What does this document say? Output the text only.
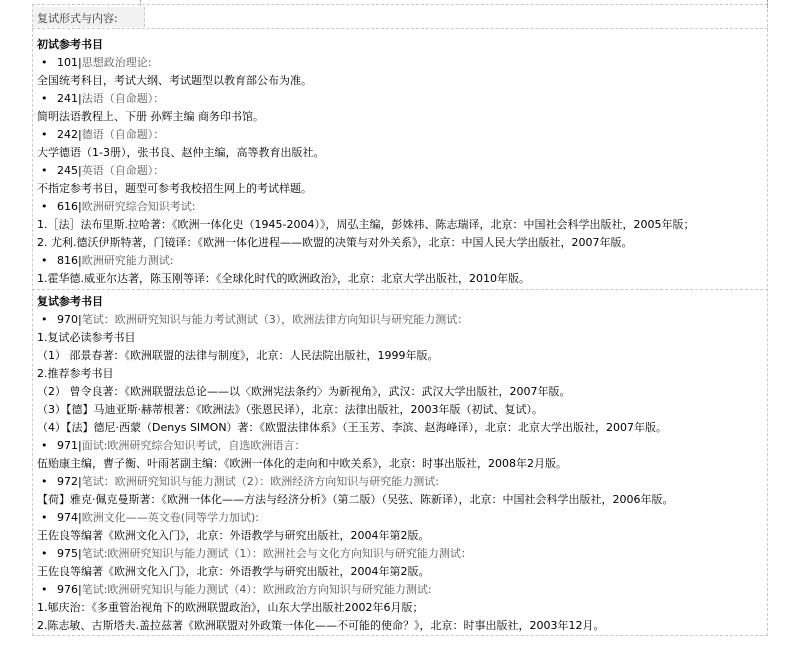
复试形式与内容:
初试参考书目
• 101|思想政治理论:
全国统考科目，考试大纲、考试题型以教育部公布为准。
• 241|法语（自命题）：
简明法语教程上、下册 孙辉主编 商务印书馆。
• 242|德语（自命题）：
大学德语（1-3册），张书良、赵仲主编，高等教育出版社。
• 245|英语（自命题）：
不指定参考书目，题型可参考我校招生网上的考试样题。
• 616|欧洲研究综合知识考试:
1.［法］法布里斯.拉哈著：《欧洲一体化史（1945-2004）》，周弘主编，彭姝祎、陈志瑞译，北京：中国社会科学出版社，2005年版；
2. 尤利.德沃伊斯特著，门镜译：《欧洲一体化进程——欧盟的决策与对外关系》，北京：中国人民大学出版社，2007年版。
• 816|欧洲研究能力测试:
1.霍华德.威亚尔达著，陈玉刚等译：《全球化时代的欧洲政治》，北京：北京大学出版社，2010年版。
复试参考书目
• 970|笔试：欧洲研究知识与能力考试测试（3），欧洲法律方向知识与研究能力测试：
1.复试必读参考书目
（1） 邵景春著：《欧洲联盟的法律与制度》，北京：人民法院出版社，1999年版。
2.推荐参考书目
（2） 曾令良著：《欧洲联盟法总论——以〈欧洲宪法条约〉为新视角》，武汉：武汉大学出版社，2007年版。
（3）【德】马迪亚斯·赫蒂根著：《欧洲法》（张恩民译），北京：法律出版社，2003年版（初试、复试）。
（4）【法】德尼·西蒙（Denys SIMON）著：《欧盟法律体系》（王玉芳、李滨、赵海峰译），北京：北京大学出版社，2007年版。
• 971|面试:欧洲研究综合知识考试，自选欧洲语言：
伍贻康主编，曹子衡、叶雨茗副主编：《欧洲一体化的走向和中欧关系》，北京：时事出版社，2008年2月版。
• 972|笔试：欧洲研究知识与能力测试（2）：欧洲经济方向知识与研究能力测试:
【荷】雅克·佩克曼斯著：《欧洲一体化——方法与经济分析》（第二版）（吴弦、陈新译），北京：中国社会科学出版社，2006年版。
• 974|欧洲文化——英文卷(同等学力加试):
王佐良等编著《欧洲文化入门》，北京：外语教学与研究出版社，2004年第2版。
• 975|笔试:欧洲研究知识与能力测试（1）：欧洲社会与文化方向知识与研究能力测试：
王佐良等编著《欧洲文化入门》，北京：外语教学与研究出版社，2004年第2版。
• 976|笔试:欧洲研究知识与能力测试（4）：欧洲政治方向知识与研究能力测试:
1.郇庆治：《多重管治视角下的欧洲联盟政治》，山东大学出版社2002年6月版；
2.陈志敏、古斯塔夫.盖拉兹著《欧洲联盟对外政策一体化——不可能的使命？》，北京：时事出版社，2003年12月。
